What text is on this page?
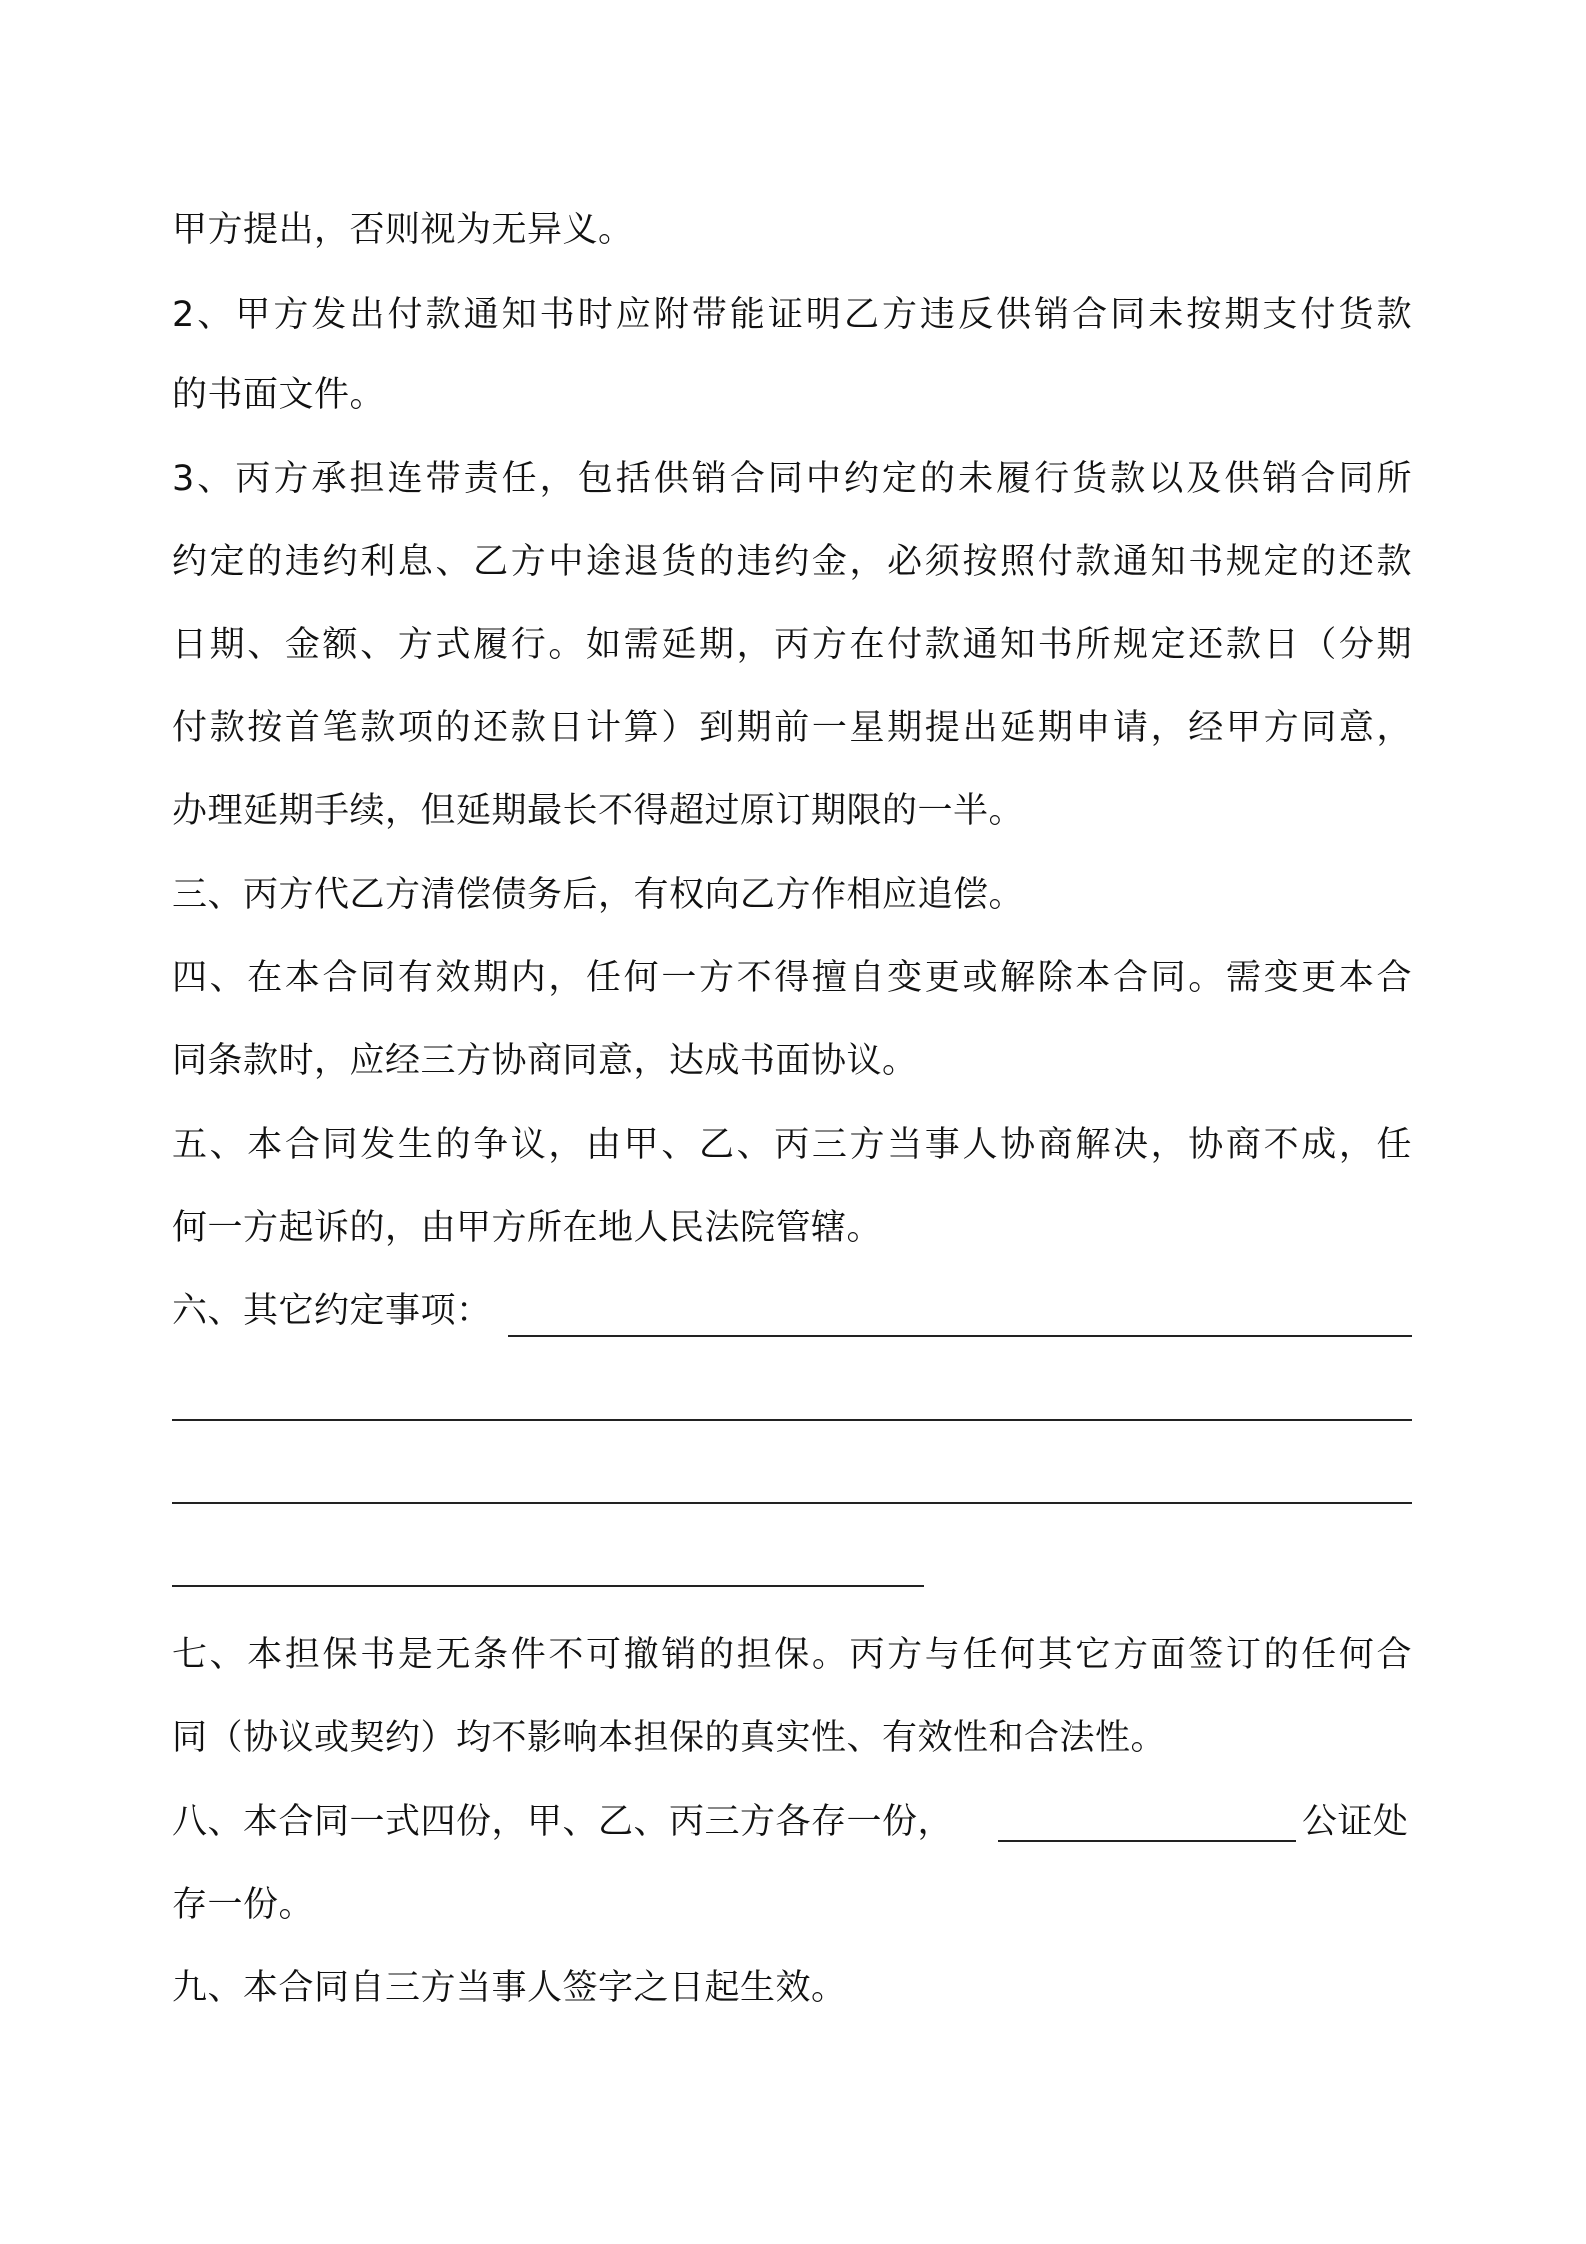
甲方提出，否则视为无异义。
2、甲方发出付款通知书时应附带能证明乙方违反供销合同未按期支付货款
的书面文件。
3、丙方承担连带责任，包括供销合同中约定的未履行货款以及供销合同所
约定的违约利息、乙方中途退货的违约金，必须按照付款通知书规定的还款
日期、金额、方式履行。如需延期，丙方在付款通知书所规定还款日（分期
付款按首笔款项的还款日计算）到期前一星期提出延期申请，经甲方同意，
办理延期手续，但延期最长不得超过原订期限的一半。
三、丙方代乙方清偿债务后，有权向乙方作相应追偿。
四、在本合同有效期内，任何一方不得擅自变更或解除本合同。需变更本合
同条款时，应经三方协商同意，达成书面协议。
五、本合同发生的争议，由甲、乙、丙三方当事人协商解决，协商不成，任
何一方起诉的，由甲方所在地人民法院管辖。
六、其它约定事项：
七、本担保书是无条件不可撤销的担保。丙方与任何其它方面签订的任何合
同（协议或契约）均不影响本担保的真实性、有效性和合法性。
八、本合同一式四份，甲、乙、丙三方各存一份，	公证处
存一份。
九、本合同自三方当事人签字之日起生效。
